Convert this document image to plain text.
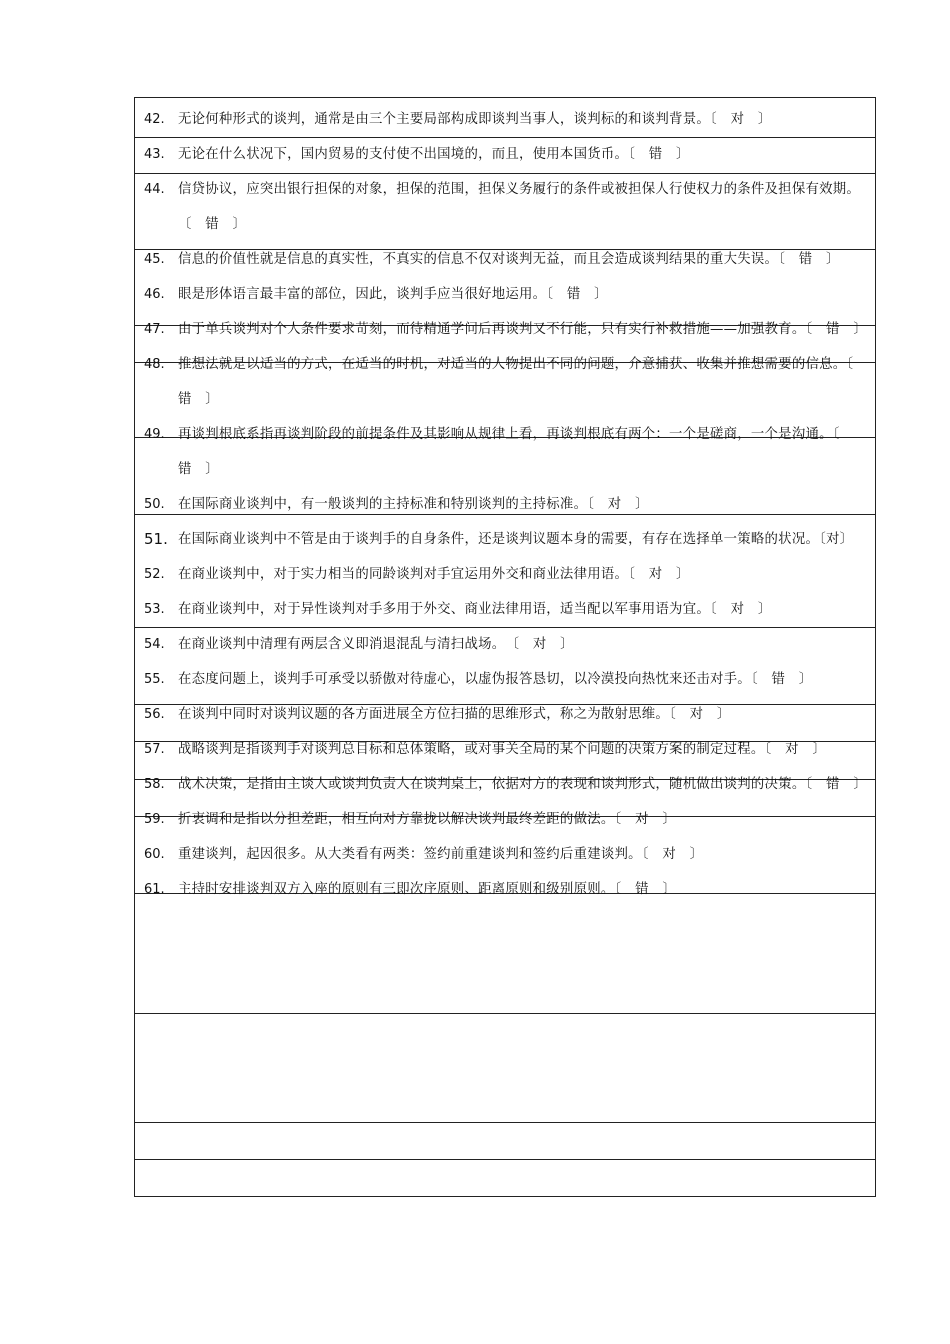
42. 无论何种形式的谈判，通常是由三个主要局部构成即谈判当事人，谈判标的和谈判背景。〔　对　〕
43. 无论在什么状况下，国内贸易的支付使不出国境的，而且，使用本国货币。〔　错　〕
44. 信贷协议，应突出银行担保的对象，担保的范围，担保义务履行的条件或被担保人行使权力的条件及担保有效期。〔　错　〕
45. 信息的价值性就是信息的真实性，不真实的信息不仅对谈判无益，而且会造成谈判结果的重大失误。〔　错　〕
46. 眼是形体语言最丰富的部位，因此，谈判手应当很好地运用。〔　错　〕
47. 由于单兵谈判对个人条件要求苛刻，而待精通学问后再谈判又不行能，只有实行补救措施——加强教育。〔　错　〕
48. 推想法就是以适当的方式，在适当的时机，对适当的人物提出不同的问题，介意捕获、收集并推想需要的信息。〔　错　〕
49. 再谈判根底系指再谈判阶段的前提条件及其影响从规律上看，再谈判根底有两个：一个是磋商，一个是沟通。〔　错　〕
50. 在国际商业谈判中，有一般谈判的主持标准和特别谈判的主持标准。〔　对　〕
51. 在国际商业谈判中不管是由于谈判手的自身条件，还是谈判议题本身的需要，有存在选择单一策略的状况。〔对〕
52. 在商业谈判中，对于实力相当的同龄谈判对手宜运用外交和商业法律用语。〔　对　〕
53. 在商业谈判中，对于异性谈判对手多用于外交、商业法律用语，适当配以军事用语为宜。〔　对　〕
54. 在商业谈判中清理有两层含义即消退混乱与清扫战场。　〔　对　〕
55. 在态度问题上，谈判手可承受以骄傲对待虚心，以虚伪报答恳切，以冷漠投向热忱来还击对手。〔　错　〕
56. 在谈判中同时对谈判议题的各方面进展全方位扫描的思维形式，称之为散射思维。〔　对　〕
57. 战略谈判是指谈判手对谈判总目标和总体策略，或对事关全局的某个问题的决策方案的制定过程。〔　对　〕
58. 战术决策，是指由主谈人或谈判负责人在谈判桌上，依据对方的表现和谈判形式，随机做出谈判的决策。〔　错　〕
59. 折衷调和是指以分担差距，相互向对方靠拢以解决谈判最终差距的做法。〔　对　〕
60. 重建谈判，起因很多。从大类看有两类：签约前重建谈判和签约后重建谈判。〔　对　〕
61. 主持时安排谈判双方入座的原则有三即次序原则、距离原则和级别原则。〔　错　〕
